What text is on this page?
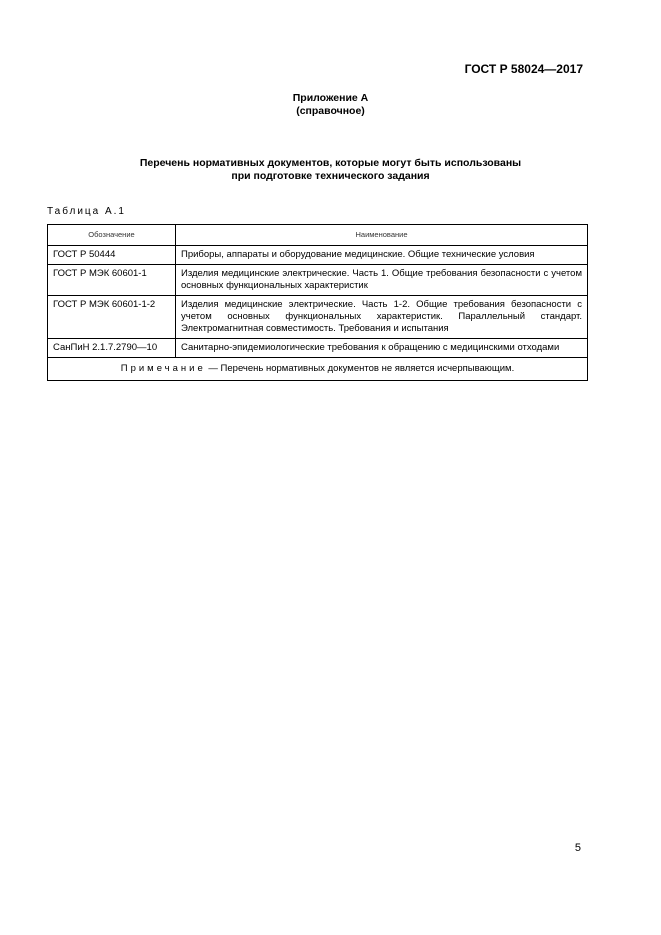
ГОСТ Р 58024—2017
Приложение А
(справочное)
Перечень нормативных документов, которые могут быть использованы
при подготовке технического задания
Таблица А.1
Обозначение	Наименование
ГОСТ Р 50444	Приборы, аппараты и оборудование медицинские. Общие технические условия
ГОСТ Р МЭК 60601-1	Изделия медицинские электрические. Часть 1. Общие требования безопасности с учетом основных функциональных характеристик
ГОСТ Р МЭК 60601-1-2	Изделия медицинские электрические. Часть 1-2. Общие требования безопасности с учетом основных функциональных характеристик. Параллельный стандарт. Электромагнитная совместимость. Требования и испытания
СанПиН 2.1.7.2790—10	Санитарно-эпидемиологические требования к обращению с медицинскими отходами
Примечание — Перечень нормативных документов не является исчерпывающим.	
5
